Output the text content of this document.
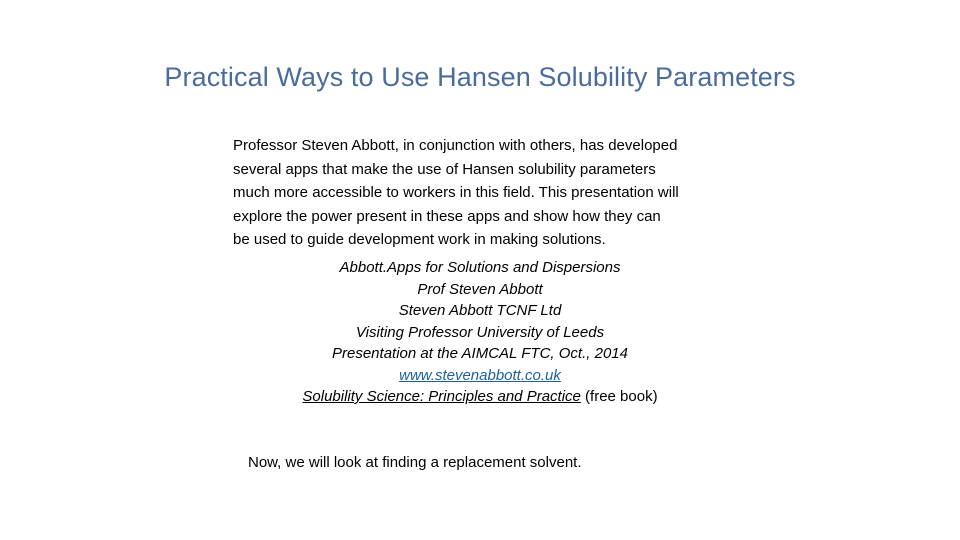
Practical Ways to Use Hansen Solubility Parameters
Professor Steven Abbott, in conjunction with others, has developed
several apps that make the use of Hansen solubility parameters
much more accessible to workers in this field. This presentation will
explore the power present in these apps and show how they can
be used to guide development work in making solutions.
Abbott.Apps for Solutions and Dispersions
Prof Steven Abbott
Steven Abbott TCNF Ltd
Visiting Professor University of Leeds
Presentation at the AIMCAL FTC, Oct., 2014
www.stevenabbott.co.uk
Solubility Science: Principles and Practice (free book)

Now, we will look at finding a replacement solvent.
